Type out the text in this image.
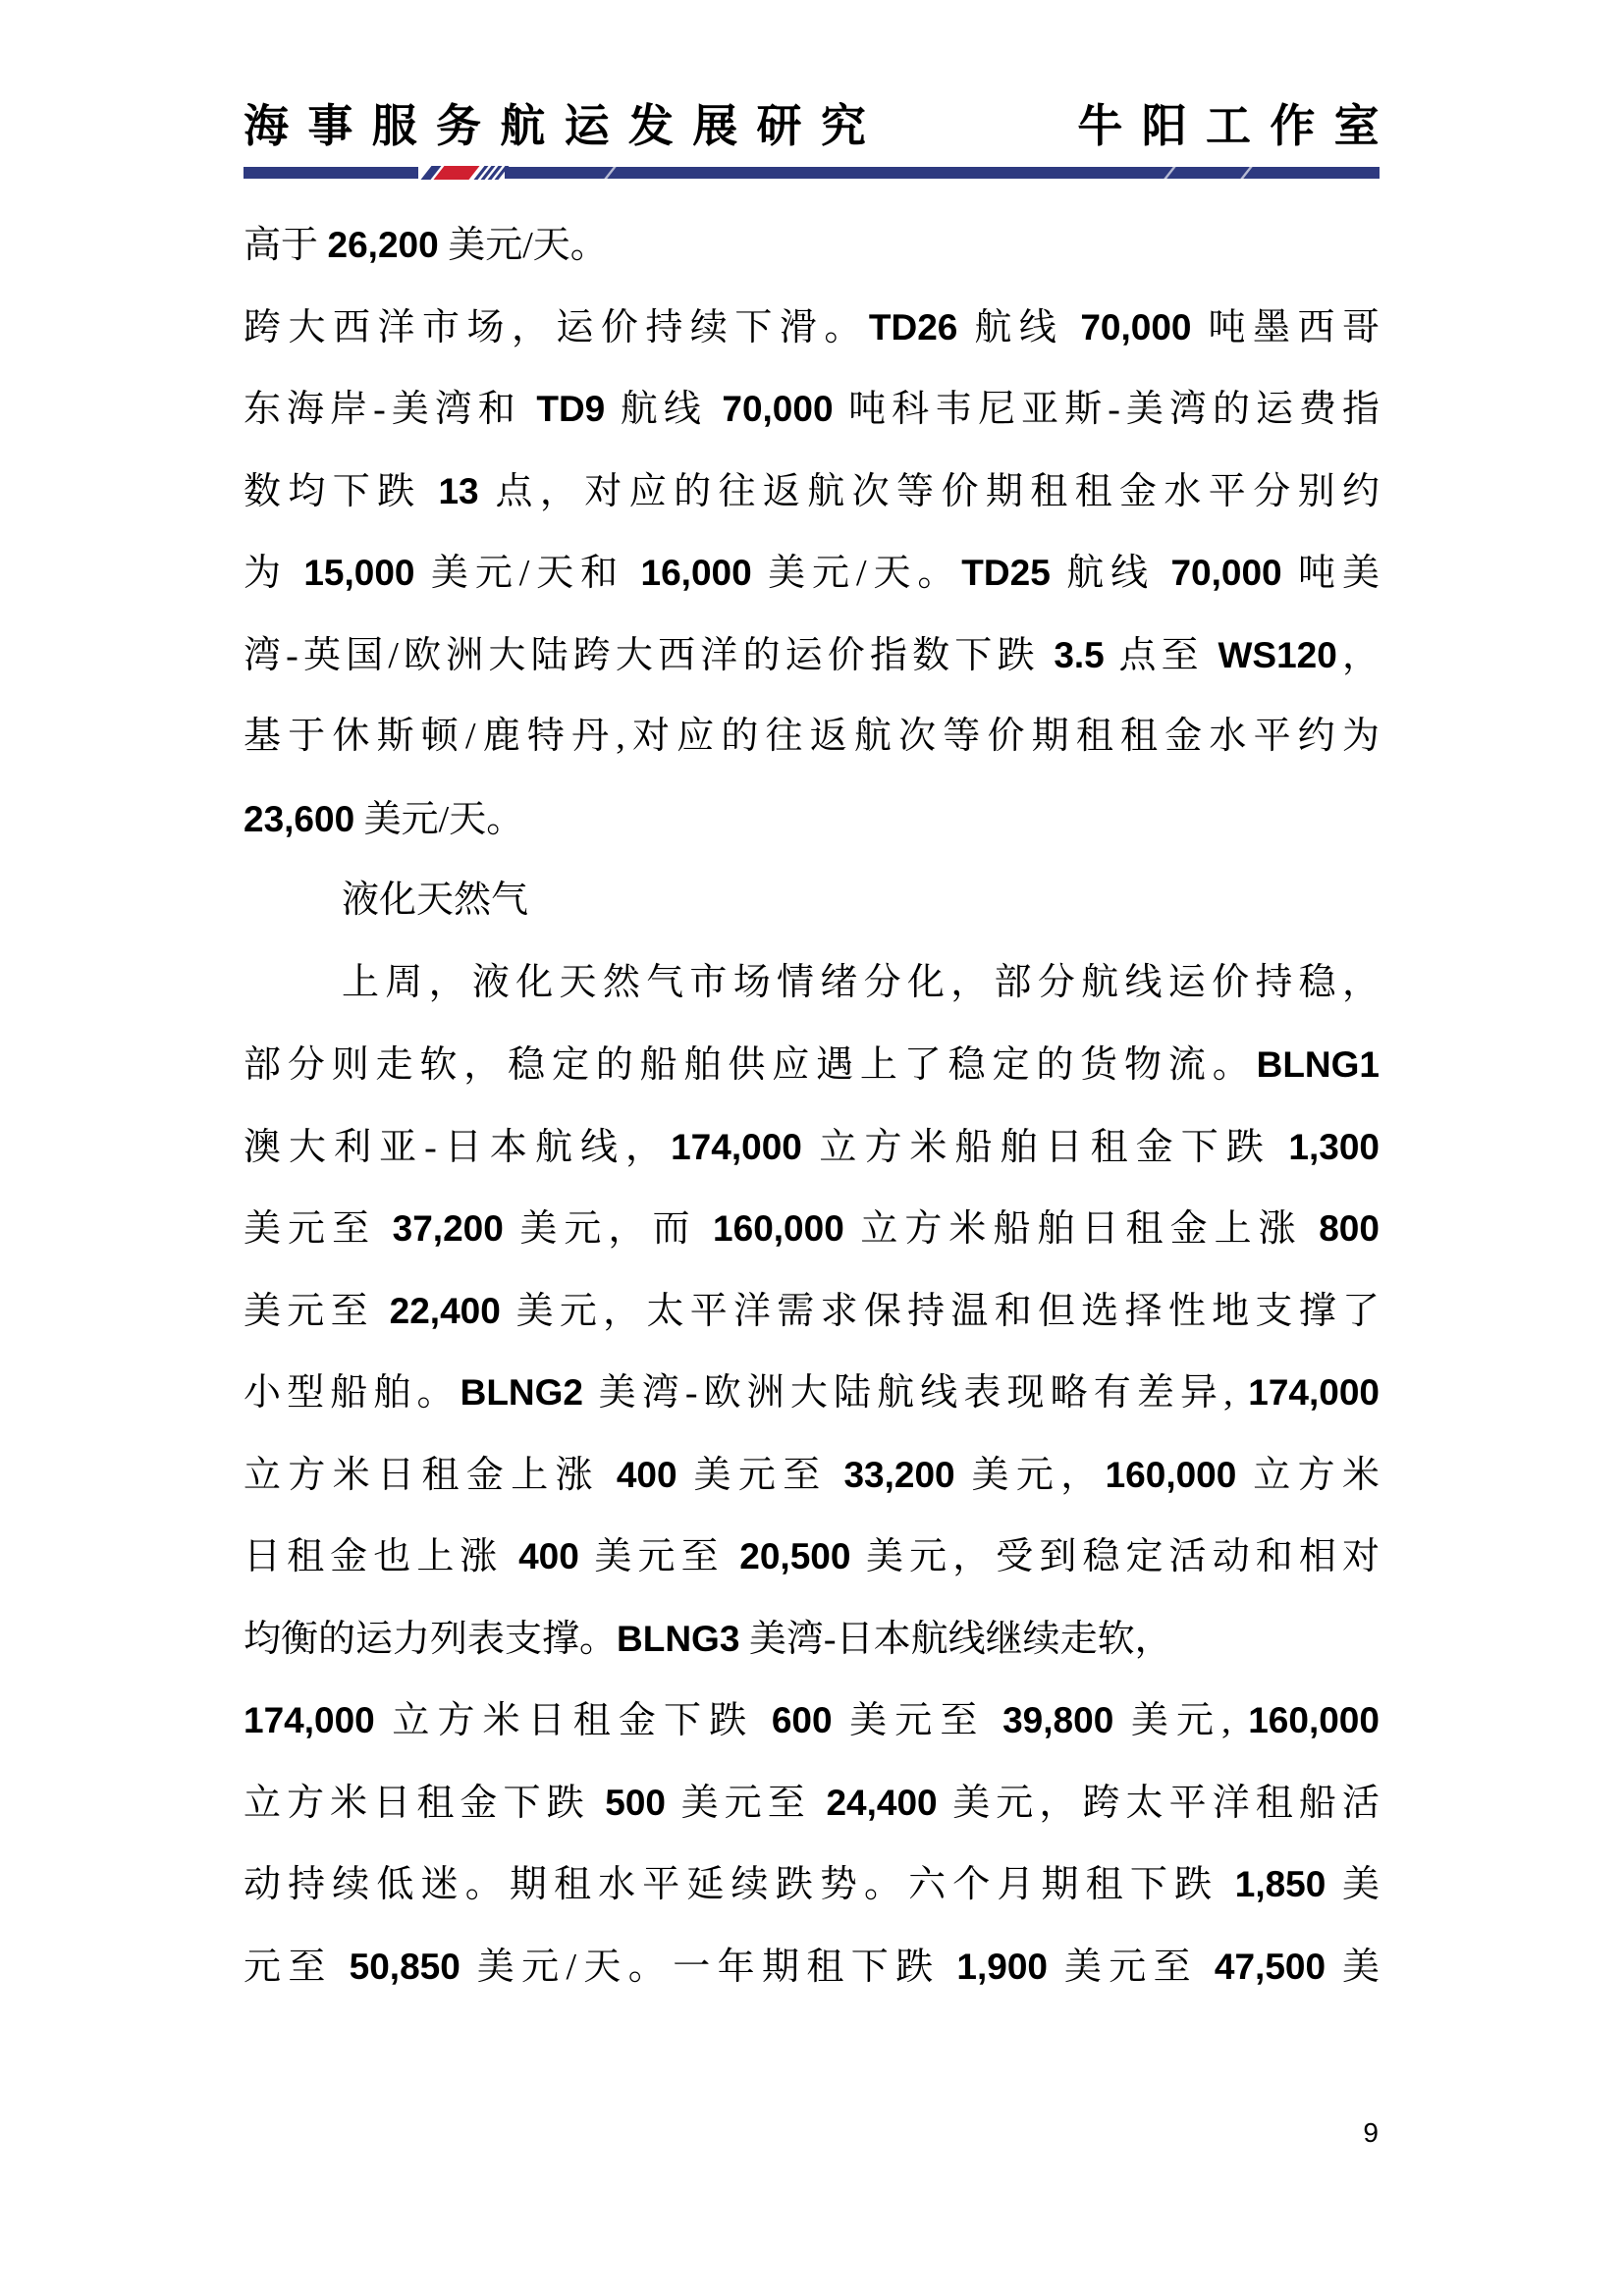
海事服务航运发展研究	牛阳工作室
高于 26,200 美元/天。
跨大西洋市场，运价持续下滑。TD26 航线 70,000 吨墨西哥
东海岸-美湾和 TD9 航线 70,000 吨科韦尼亚斯-美湾的运费指
数均下跌 13 点，对应的往返航次等价期租租金水平分别约
为 15,000 美元/天和 16,000 美元/天。TD25 航线 70,000 吨美
湾-英国/欧洲大陆跨大西洋的运价指数下跌 3.5 点至 WS120，
基于休斯顿/鹿特丹,对应的往返航次等价期租租金水平约为
23,600 美元/天。
液化天然气
上周，液化天然气市场情绪分化，部分航线运价持稳，
部分则走软，稳定的船舶供应遇上了稳定的货物流。BLNG1
澳大利亚-日本航线，174,000 立方米船舶日租金下跌 1,300
美元至 37,200 美元，而 160,000 立方米船舶日租金上涨 800
美元至 22,400 美元，太平洋需求保持温和但选择性地支撑了
小型船舶。BLNG2 美湾-欧洲大陆航线表现略有差异, 174,000
立方米日租金上涨 400 美元至 33,200 美元，160,000 立方米
日租金也上涨 400 美元至 20,500 美元，受到稳定活动和相对
均衡的运力列表支撑。BLNG3 美湾-日本航线继续走软，
174,000 立方米日租金下跌 600 美元至 39,800 美元, 160,000
立方米日租金下跌 500 美元至 24,400 美元，跨太平洋租船活
动持续低迷。期租水平延续跌势。六个月期租下跌 1,850 美
元至 50,850 美元/天。一年期租下跌 1,900 美元至 47,500 美
9
